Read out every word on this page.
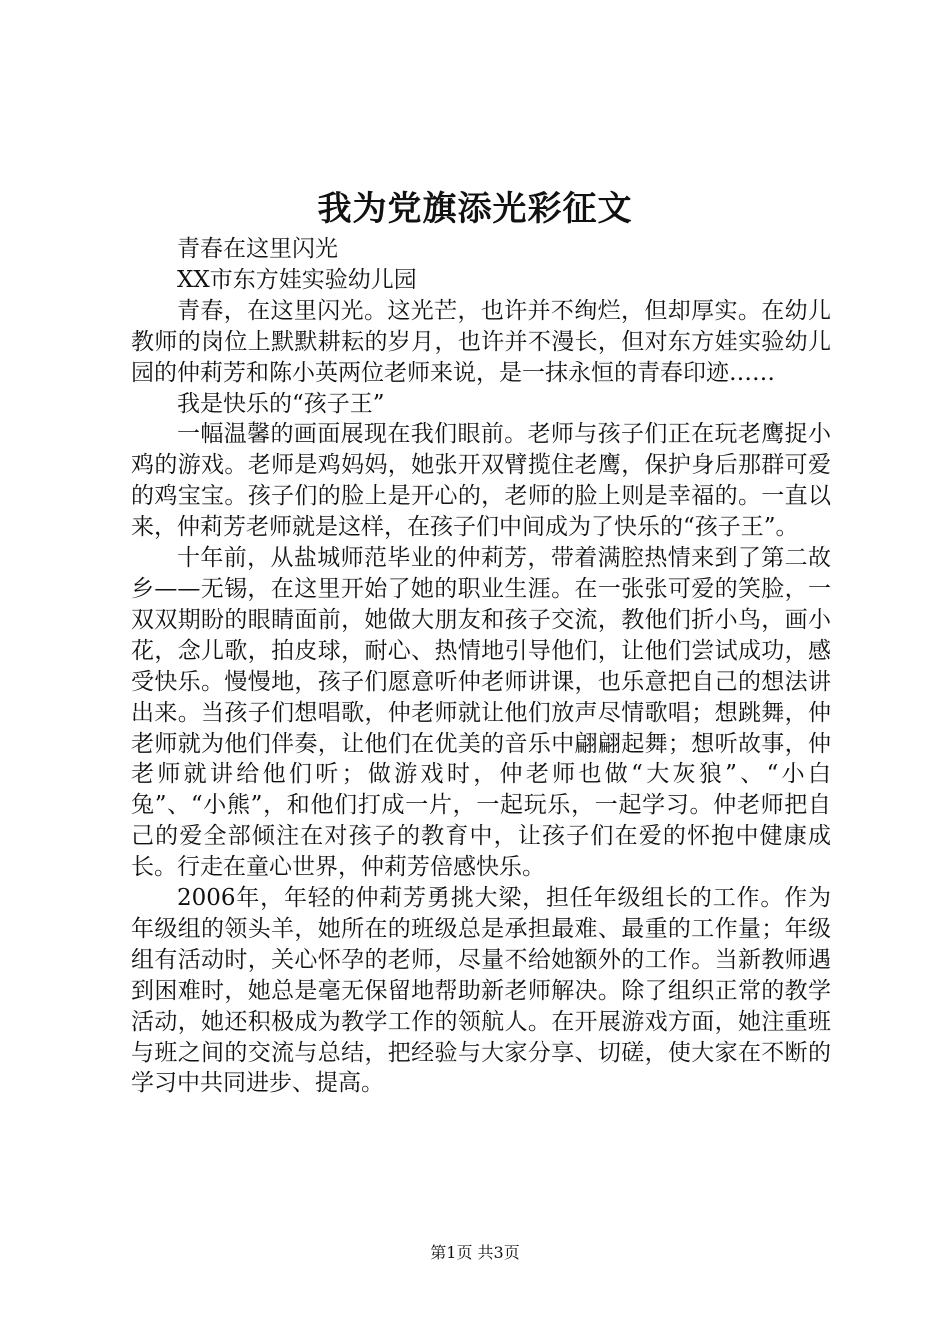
我为党旗添光彩征文

青春在这里闪光

XX市东方娃实验幼儿园

青春，在这里闪光。这光芒，也许并不绚烂，但却厚实。在幼儿教师的岗位上默默耕耘的岁月，也许并不漫长，但对东方娃实验幼儿园的仲莉芳和陈小英两位老师来说，是一抹永恒的青春印迹……

我是快乐的“孩子王”

一幅温馨的画面展现在我们眼前。老师与孩子们正在玩老鹰捉小鸡的游戏。老师是鸡妈妈，她张开双臂揽住老鹰，保护身后那群可爱的鸡宝宝。孩子们的脸上是开心的，老师的脸上则是幸福的。一直以来，仲莉芳老师就是这样，在孩子们中间成为了快乐的“孩子王”。

十年前，从盐城师范毕业的仲莉芳，带着满腔热情来到了第二故乡——无锡，在这里开始了她的职业生涯。在一张张可爱的笑脸，一双双期盼的眼睛面前，她做大朋友和孩子交流，教他们折小鸟，画小花，念儿歌，拍皮球，耐心、热情地引导他们，让他们尝试成功，感受快乐。慢慢地，孩子们愿意听仲老师讲课，也乐意把自己的想法讲出来。当孩子们想唱歌，仲老师就让他们放声尽情歌唱；想跳舞，仲老师就为他们伴奏，让他们在优美的音乐中翩翩起舞；想听故事，仲老师就讲给他们听；做游戏时，仲老师也做“大灰狼”、“小白兔”、“小熊”，和他们打成一片，一起玩乐，一起学习。仲老师把自己的爱全部倾注在对孩子的教育中，让孩子们在爱的怀抱中健康成长。行走在童心世界，仲莉芳倍感快乐。

2006年，年轻的仲莉芳勇挑大梁，担任年级组长的工作。作为年级组的领头羊，她所在的班级总是承担最难、最重的工作量；年级组有活动时，关心怀孕的老师，尽量不给她额外的工作。当新教师遇到困难时，她总是毫无保留地帮助新老师解决。除了组织正常的教学活动，她还积极成为教学工作的领航人。在开展游戏方面，她注重班与班之间的交流与总结，把经验与大家分享、切磋，使大家在不断的学习中共同进步、提高。

第1页 共3页
